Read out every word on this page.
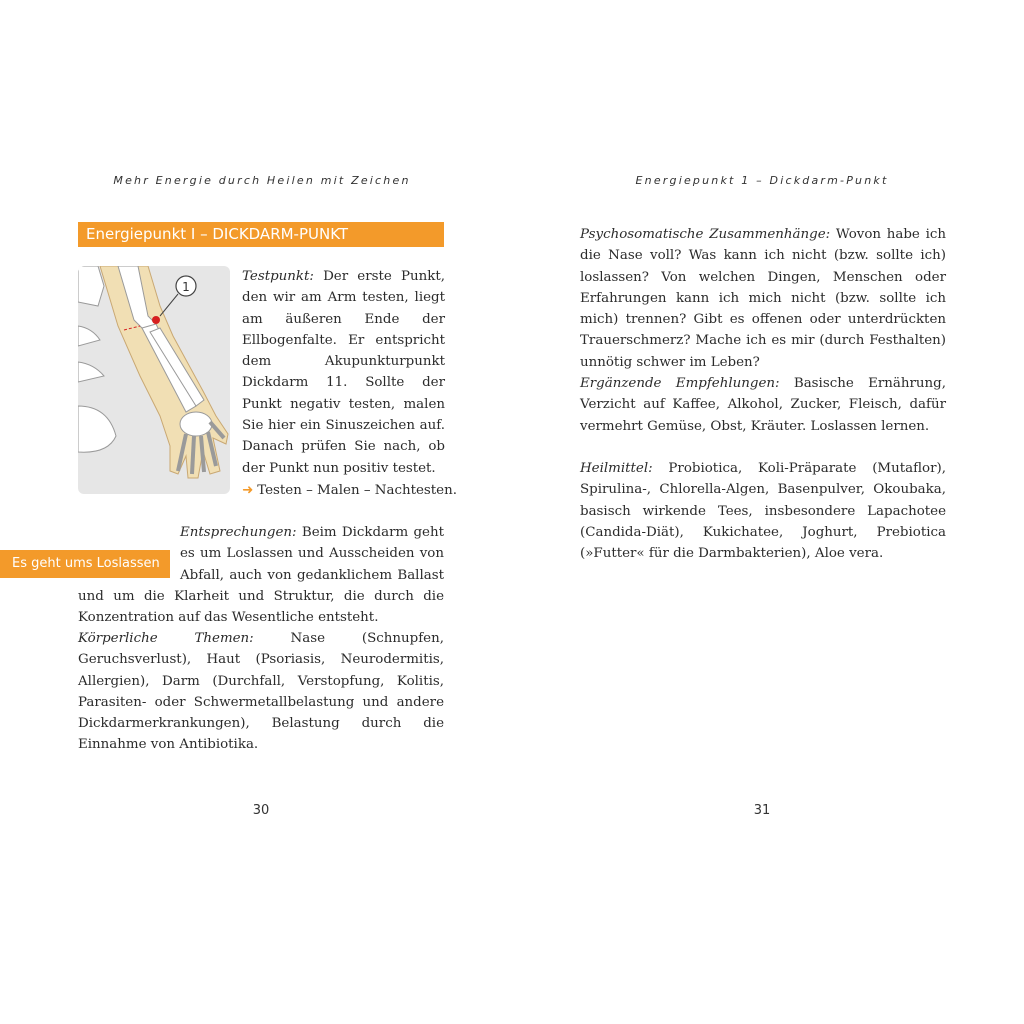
Mehr Energie durch Heilen mit Zeichen
Energiepunkt I – DICKDARM-PUNKT
1

Testpunkt: Der erste Punkt, den wir am Arm testen, liegt am äußeren Ende der Ellbogenfalte. Er entspricht dem Akupunkturpunkt Dickdarm 11. Sollte der Punkt negativ testen, malen Sie hier ein Sinuszeichen auf. Danach prüfen Sie nach, ob der Punkt nun positiv testet.

➜ Testen – Malen – Nachtesten.

Entsprechungen: Beim Dickdarm geht es um Loslassen und Ausscheiden von Abfall, auch von gedanklichem Ballast und um die Klarheit und Struktur, die durch die Konzentration auf das Wesentliche entsteht.

Es geht ums Loslassen

Körperliche Themen: Nase (Schnupfen, Geruchsverlust), Haut (Psoriasis, Neurodermitis, Allergien), Darm (Durchfall, Verstopfung, Kolitis, Parasiten- oder Schwermetallbelastung und andere Dickdarmerkrankungen), Belastung durch die Einnahme von Antibiotika.

30
Energiepunkt 1 – Dickdarm-Punkt

Psychosomatische Zusammenhänge: Wovon habe ich die Nase voll? Was kann ich nicht (bzw. sollte ich) loslassen? Von welchen Dingen, Menschen oder Erfahrungen kann ich mich nicht (bzw. sollte ich mich) trennen? Gibt es offenen oder unterdrückten Trauerschmerz? Mache ich es mir (durch Festhalten) unnötig schwer im Leben?

Ergänzende Empfehlungen: Basische Ernährung, Verzicht auf Kaffee, Alkohol, Zucker, Fleisch, dafür vermehrt Gemüse, Obst, Kräuter. Loslassen lernen.

Heilmittel: Probiotica, Koli-Präparate (Mutaflor), Spirulina-, Chlorella-Algen, Basenpulver, Okoubaka, basisch wirkende Tees, insbesondere Lapachotee (Candida-Diät), Kukichatee, Joghurt, Prebiotica (»Futter« für die Darmbakterien), Aloe vera.

31
